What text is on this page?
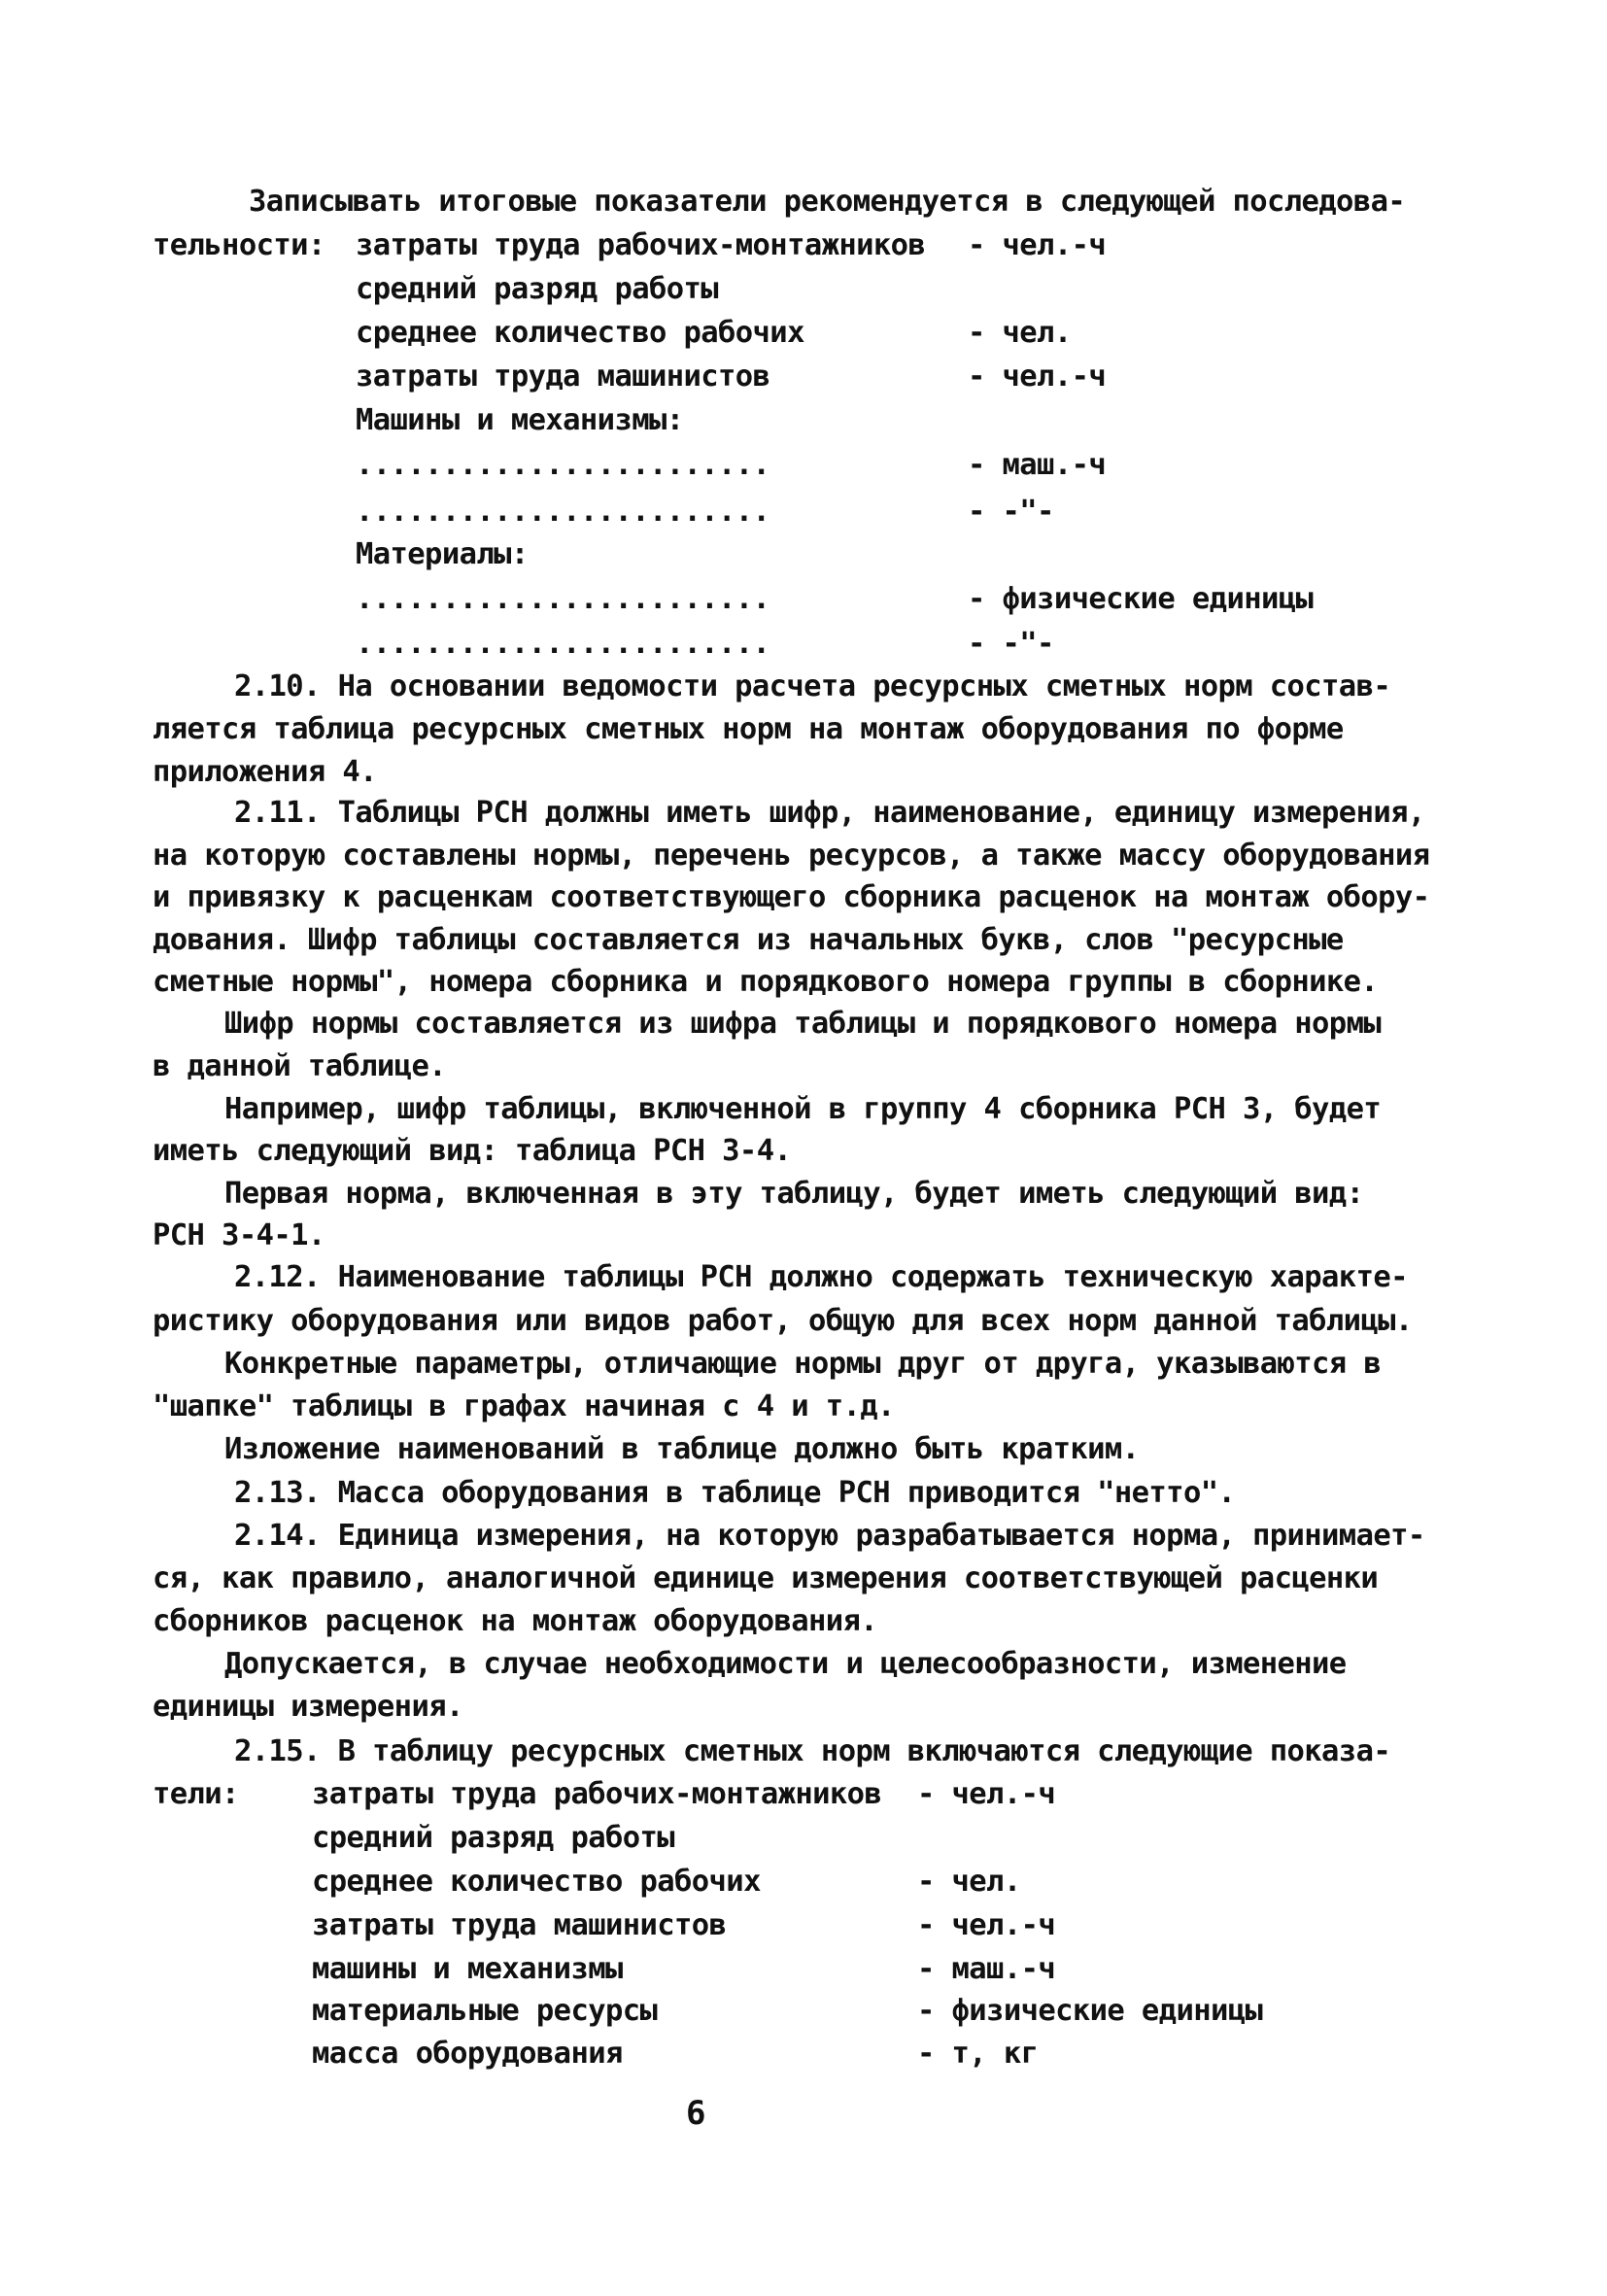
Записывать итоговые показатели рекомендуется в следующей последова-
тельности: затраты труда рабочих-монтажников - чел.-ч
средний разряд работы
среднее количество рабочих	- чел.
затраты труда машинистов	- чел.-ч
Машины и механизмы:
........................	- маш.-ч
........................	- -"-
Материалы:
........................	- физические единицы
........................	- -"-
2.10. На основании ведомости расчета ресурсных сметных норм состав-
ляется таблица ресурсных сметных норм на монтаж оборудования по форме
приложения 4.
2.11. Таблицы РСН должны иметь шифр, наименование, единицу измерения,
на которую составлены нормы, перечень ресурсов, а также массу оборудования
и привязку к расценкам соответствующего сборника расценок на монтаж обору-
дования. Шифр таблицы составляется из начальных букв, слов "ресурсные
сметные нормы", номера сборника и порядкового номера группы в сборнике.
Шифр нормы составляется из шифра таблицы и порядкового номера нормы
в данной таблице.
Например, шифр таблицы, включенной в группу 4 сборника РСН 3, будет
иметь следующий вид: таблица РСН 3-4.
Первая норма, включенная в эту таблицу, будет иметь следующий вид:
РСН 3-4-1.
2.12. Наименование таблицы РСН должно содержать техническую характе-
ристику оборудования или видов работ, общую для всех норм данной таблицы.
Конкретные параметры, отличающие нормы друг от друга, указываются в
"шапке" таблицы в графах начиная с 4 и т.д.
Изложение наименований в таблице должно быть кратким.
2.13. Масса оборудования в таблице РСН приводится "нетто".
2.14. Единица измерения, на которую разрабатывается норма, принимает-
ся, как правило, аналогичной единице измерения соответствующей расценки
сборников расценок на монтаж оборудования.
Допускается, в случае необходимости и целесообразности, изменение
единицы измерения.
2.15. В таблицу ресурсных сметных норм включаются следующие показа-
тели: затраты труда рабочих-монтажников - чел.-ч
средний разряд работы
среднее количество рабочих	- чел.
затраты труда машинистов	- чел.-ч
машины и механизмы	- маш.-ч
материальные ресурсы	- физические единицы
масса оборудования	- т, кг
6
